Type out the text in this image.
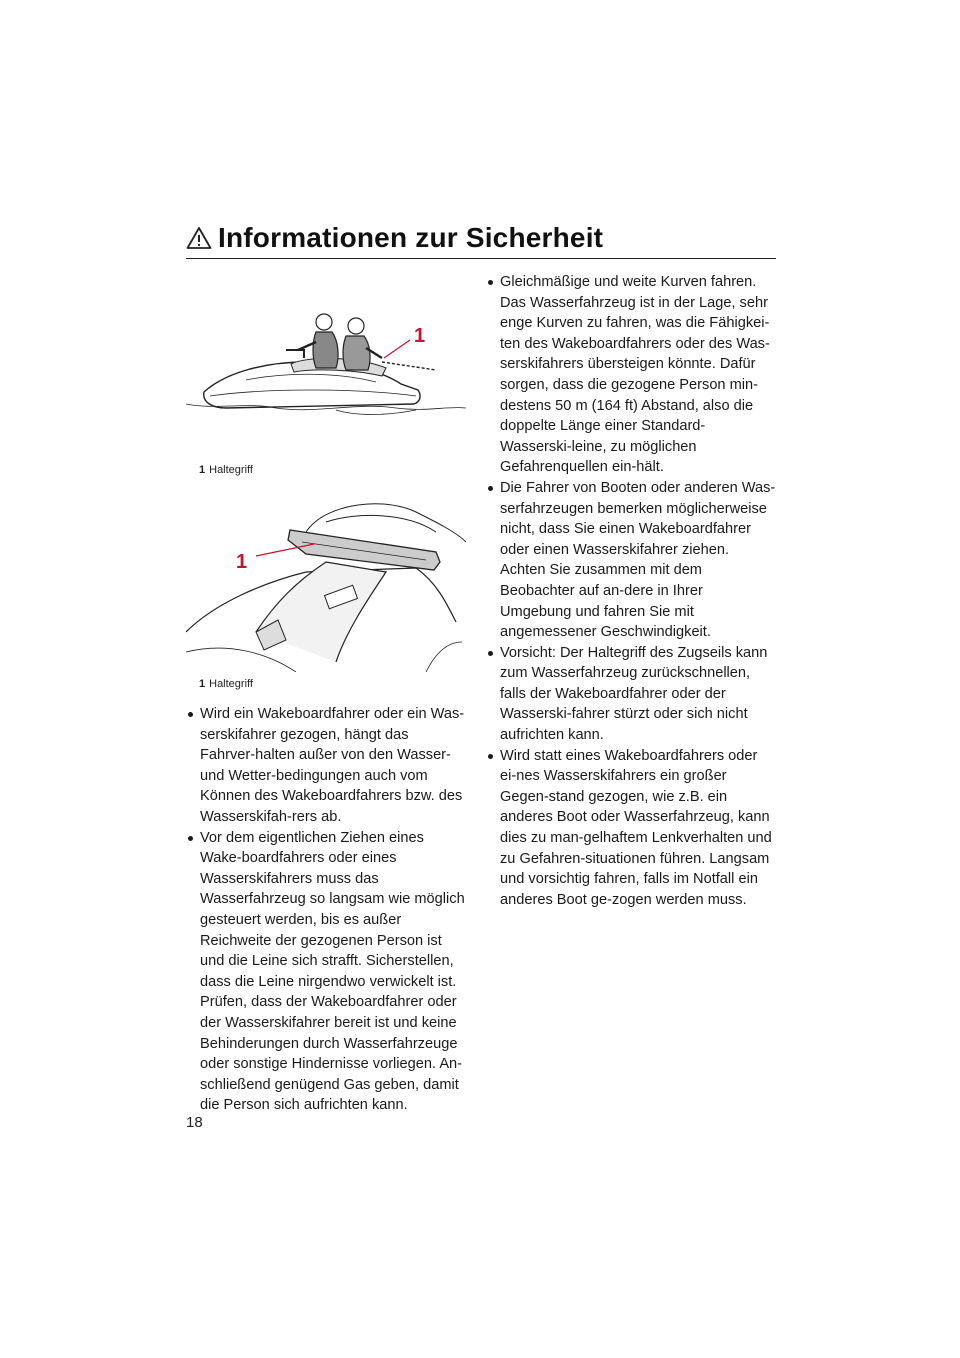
Informationen zur Sicherheit
1
1 Haltegriff
1
1 Haltegriff
Wird ein Wakeboardfahrer oder ein Was-serskifahrer gezogen, hängt das Fahrver-halten außer von den Wasser- und Wetter-bedingungen auch vom Können des Wakeboardfahrers bzw. des Wasserskifah-rers ab.
Vor dem eigentlichen Ziehen eines Wake-boardfahrers oder eines Wasserskifahrers muss das Wasserfahrzeug so langsam wie möglich gesteuert werden, bis es außer Reichweite der gezogenen Person ist und die Leine sich strafft. Sicherstellen, dass die Leine nirgendwo verwickelt ist.

Prüfen, dass der Wakeboardfahrer oder der Wasserskifahrer bereit ist und keine Behinderungen durch Wasserfahrzeuge oder sonstige Hindernisse vorliegen. An-schließend genügend Gas geben, damit die Person sich aufrichten kann.

Gleichmäßige und weite Kurven fahren. Das Wasserfahrzeug ist in der Lage, sehr enge Kurven zu fahren, was die Fähigkei-ten des Wakeboardfahrers oder des Was-serskifahrers übersteigen könnte. Dafür sorgen, dass die gezogene Person min-destens 50 m (164 ft) Abstand, also die doppelte Länge einer Standard-Wasserski-leine, zu möglichen Gefahrenquellen ein-hält.
Die Fahrer von Booten oder anderen Was-serfahrzeugen bemerken möglicherweise nicht, dass Sie einen Wakeboardfahrer oder einen Wasserskifahrer ziehen. Achten Sie zusammen mit dem Beobachter auf an-dere in Ihrer Umgebung und fahren Sie mit angemessener Geschwindigkeit.
Vorsicht: Der Haltegriff des Zugseils kann zum Wasserfahrzeug zurückschnellen, falls der Wakeboardfahrer oder der Wasserski-fahrer stürzt oder sich nicht aufrichten kann.
Wird statt eines Wakeboardfahrers oder ei-nes Wasserskifahrers ein großer Gegen-stand gezogen, wie z.B. ein anderes Boot oder Wasserfahrzeug, kann dies zu man-gelhaftem Lenkverhalten und zu Gefahren-situationen führen. Langsam und vorsichtig fahren, falls im Notfall ein anderes Boot ge-zogen werden muss.
18
